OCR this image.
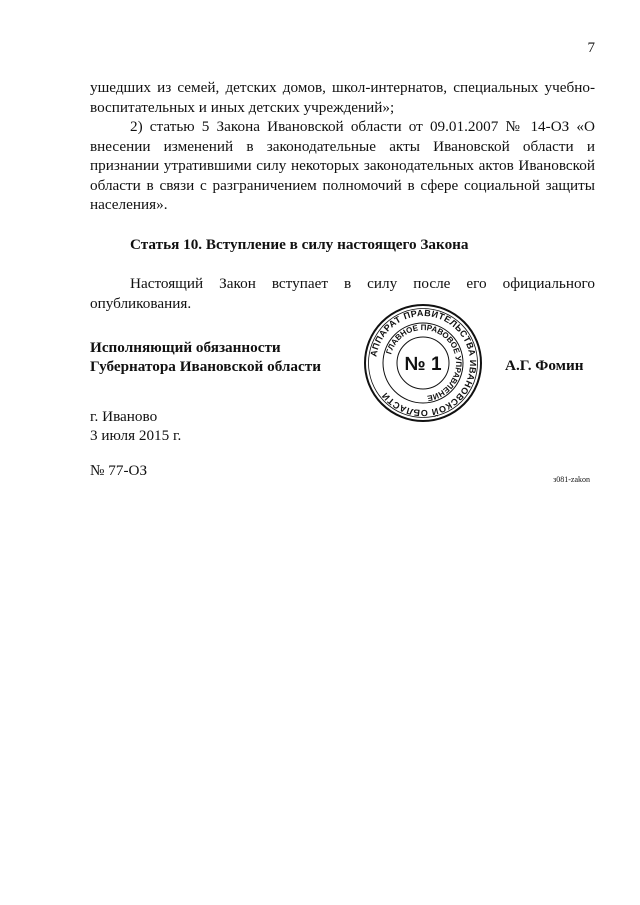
7

ушедших из семей, детских домов, школ-интернатов, специальных учебно-воспитательных и иных детских учреждений»;

2) статью 5 Закона Ивановской области от 09.01.2007 № 14-ОЗ «О внесении изменений в законодательные акты Ивановской области и признании утратившими силу некоторых законодательных актов Ивановской области в связи с разграничением полномочий в сфере социальной защиты населения».

Статья 10. Вступление в силу настоящего Закона

Настоящий Закон вступает в силу после его официального опубликования.

Исполняющий обязанности
Губернатора Ивановской области
АППАРАТ ПРАВИТЕЛЬСТВА ИВАНОВСКОЙ ОБЛАСТИ
ГЛАВНОЕ ПРАВОВОЕ УПРАВЛЕНИЕ
№ 1	А.Г. Фомин
г. Иваново
3 июля 2015 г.
№ 77-ОЗ
з081-zakon
